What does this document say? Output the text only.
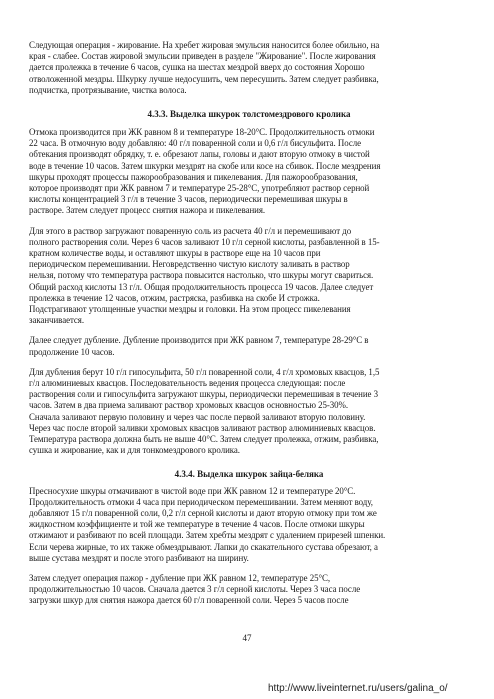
Следующая операция - жирование. На хребет жировая эмульсия наносится более обильно, на

края - слабее. Состав жировой эмульсии приведен в разделе "Жирование". После жирования

дается пролежка в течение 6 часов, сушка на шестах мездрой вверх до состояния Хорошо

отволоженной мездры. Шкурку лучше недосушить, чем пересушить. Затем следует разбивка,

подчистка, протрязывание, чистка волоса.

4.3.3. Выделка шкурок толстомездрового кролика

Отмока производится при ЖК равном 8 и температуре 18-20°С. Продолжительность отмоки

22 часа. В отмочную воду добавляю: 40 г/л поваренной соли и 0,6 г/л бисульфита. После

обтекания производят обрядку, т. е. обрезают лапы, головы и дают вторую отмоку в чистой

воде в течение 10 часов. Затем шкурки мездрят на скобе или косе на сбивок. После мездрения

шкуры проходят процессы пажорообразования и пикелевания. Для пажорообразования,

которое производят при ЖК равном 7 и температуре 25-28°С, употребляют раствор серной

кислоты концентрацией 3 г/л в течение 3 часов, периодически перемешивая шкуры в

растворе. Затем следует процесс снятия нажора и пикелевания.

Для этого в раствор загружают поваренную соль из расчета 40 г/л и перемешивают до

полного растворения соли. Через 6 часов заливают 10 г/л серной кислоты, разбавленной в 15-

кратном количестве воды, и оставляют шкуры в растворе еще на 10 часов при

периодическом перемешивании. Неговредственно чистую кислоту заливать в раствор

нельзя, потому что температура раствора повысится настолько, что шкуры могут свариться.

Общий расход кислоты 13 г/л. Общая продолжительность процесса 19 часов. Далее следует

пролежка в течение 12 часов, отжим, растряска, разбивка на скобе И строжка.

Подстрагивают утолщенные участки мездры и головки. На этом процесс пикелевания

заканчивается.

Далее следует дубление. Дубление производится при ЖК равном 7, температуре 28-29°С в

продолжение 10 часов.

Для дубления берут 10 г/л гипосульфита, 50 г/л поваренной соли, 4 г/л хромовых квасцов, 1,5

г/л алюминиевых квасцов. Последовательность ведения процесса следующая: после

растворения соли и гипосульфита загружают шкуры, периодически перемешивая в течение 3

часов. Затем в два приема заливают раствор хромовых квасцов основностью 25-30%.

Сначала заливают первую половину и через час после первой заливают вторую половину.

Через час после второй заливки хромовых квасцов заливают раствор алюминиевых квасцов.

Температура раствора должна быть не выше 40°С. Затем следует пролежка, отжим, разбивка,

сушка и жирование, как и для тонкомездрового кролика.

4.3.4. Выделка шкурок зайца-беляка

Пресносухие шкуры отмачивают в чистой воде при ЖК равном 12 и температуре 20°С.

Продолжительность отмоки 4 часа при периодическом перемешивании. Затем меняют воду,

добавляют 15 г/л поваренной соли, 0,2 г/л серной кислоты и дают вторую отмоку при том же

жидкостном коэффициенте и той же температуре в течение 4 часов. После отмоки шкуры

отжимают и разбивают по всей площади. Затем хребты мездрят с удалением прирезей шпенки.

Если черева жирные, то их также обмездрывают. Лапки до скакательного сустава обрезают, а

выше сустава мездрят и после этого разбивают на ширину.

Затем следует операция пажор - дубление при ЖК равном 12, температуре 25°С,

продолжительностью 10 часов. Сначала дается 3 г/л серной кислоты. Через 3 часа после

загрузки шкур для снятия нажора дается 60 г/л поваренной соли. Через 5 часов после

47
http://www.liveinternet.ru/users/galina_o/
